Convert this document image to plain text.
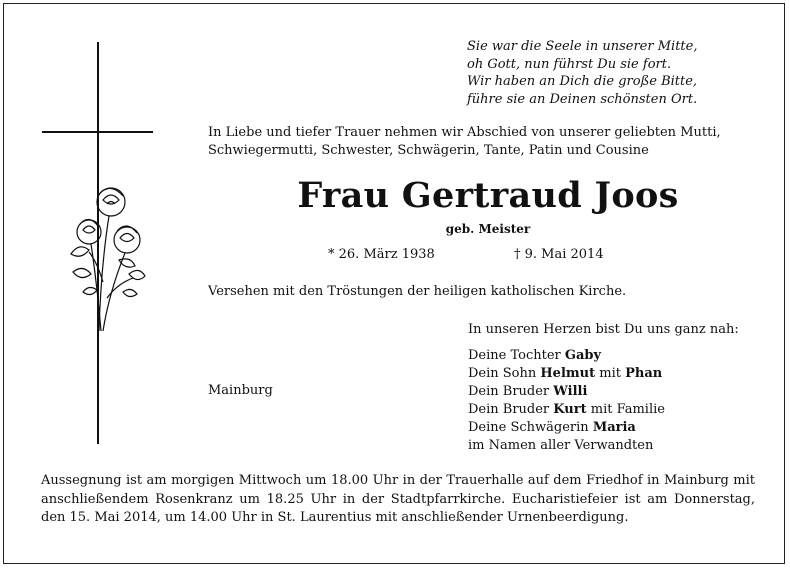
Sie war die Seele in unserer Mitte,
oh Gott, nun führst Du sie fort.
Wir haben an Dich die große Bitte,
führe sie an Deinen schönsten Ort.
In Liebe und tiefer Trauer nehmen wir Abschied von unserer geliebten Mutti,
Schwiegermutti, Schwester, Schwägerin, Tante, Patin und Cousine
Frau Gertraud Joos
geb. Meister
* 26. März 1938	† 9. Mai 2014
Versehen mit den Tröstungen der heiligen katholischen Kirche.
In unseren Herzen bist Du uns ganz nah:
Mainburg
Deine Tochter Gaby
Dein Sohn Helmut mit Phan
Dein Bruder Willi
Dein Bruder Kurt mit Familie
Deine Schwägerin Maria
im Namen aller Verwandten
Aussegnung ist am morgigen Mittwoch um 18.00 Uhr in der Trauerhalle auf dem Friedhof in Mainburg mit anschließendem Rosenkranz um 18.25 Uhr in der Stadtpfarrkirche. Eucharistiefeier ist am Donnerstag, den 15. Mai 2014, um 14.00 Uhr in St. Laurentius mit anschließender Urnenbeerdigung.
